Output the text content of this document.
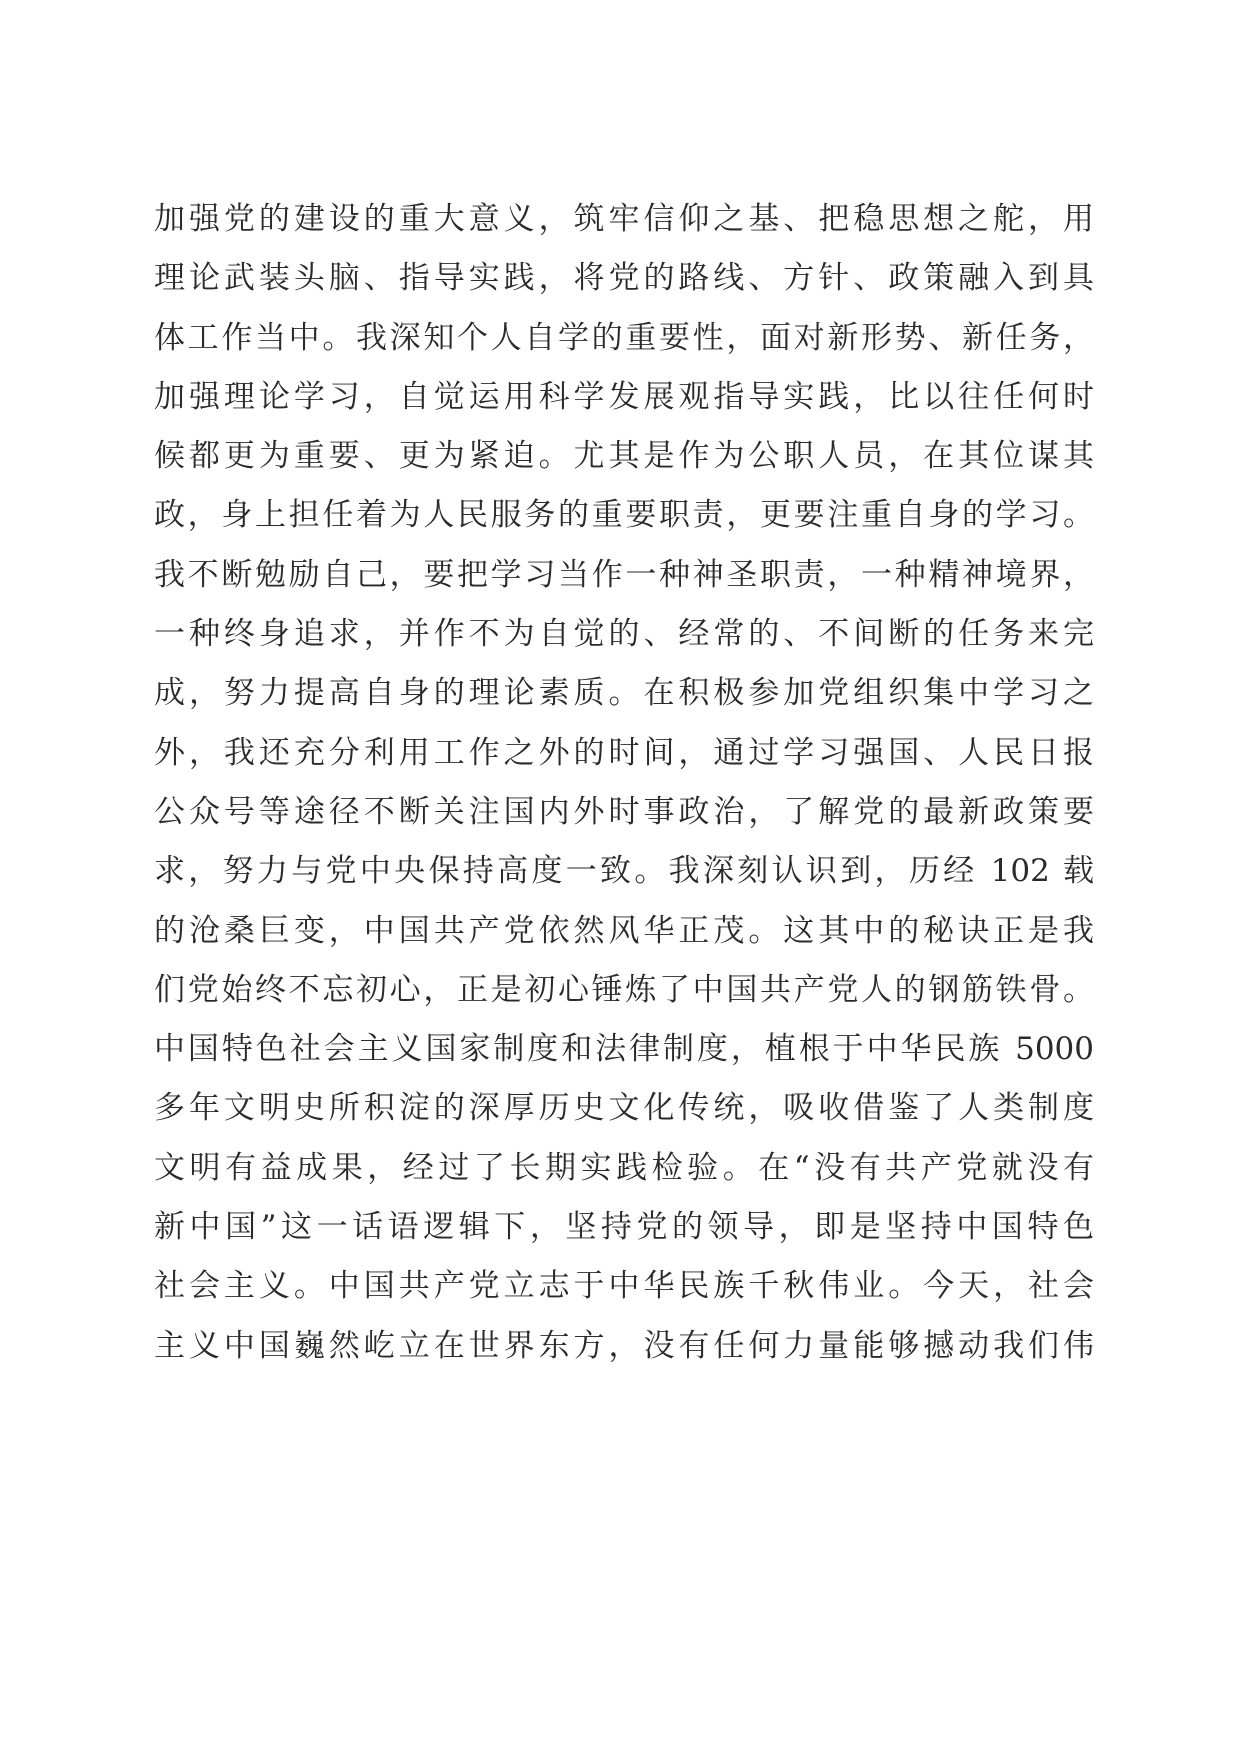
加强党的建设的重大意义，筑牢信仰之基、把稳思想之舵，用
理论武装头脑、指导实践，将党的路线、方针、政策融入到具
体工作当中。我深知个人自学的重要性，面对新形势、新任务，
加强理论学习，自觉运用科学发展观指导实践，比以往任何时
候都更为重要、更为紧迫。尤其是作为公职人员，在其位谋其
政，身上担任着为人民服务的重要职责，更要注重自身的学习。
我不断勉励自己，要把学习当作一种神圣职责，一种精神境界，
一种终身追求，并作不为自觉的、经常的、不间断的任务来完
成，努力提高自身的理论素质。在积极参加党组织集中学习之
外，我还充分利用工作之外的时间，通过学习强国、人民日报
公众号等途径不断关注国内外时事政治，了解党的最新政策要
求，努力与党中央保持高度一致。我深刻认识到，历经 102 载
的沧桑巨变，中国共产党依然风华正茂。这其中的秘诀正是我
们党始终不忘初心，正是初心锤炼了中国共产党人的钢筋铁骨。
中国特色社会主义国家制度和法律制度，植根于中华民族 5000
多年文明史所积淀的深厚历史文化传统，吸收借鉴了人类制度
文明有益成果，经过了长期实践检验。在“没有共产党就没有
新中国”这一话语逻辑下，坚持党的领导，即是坚持中国特色
社会主义。中国共产党立志于中华民族千秋伟业。今天，社会
主义中国巍然屹立在世界东方，没有任何力量能够撼动我们伟
